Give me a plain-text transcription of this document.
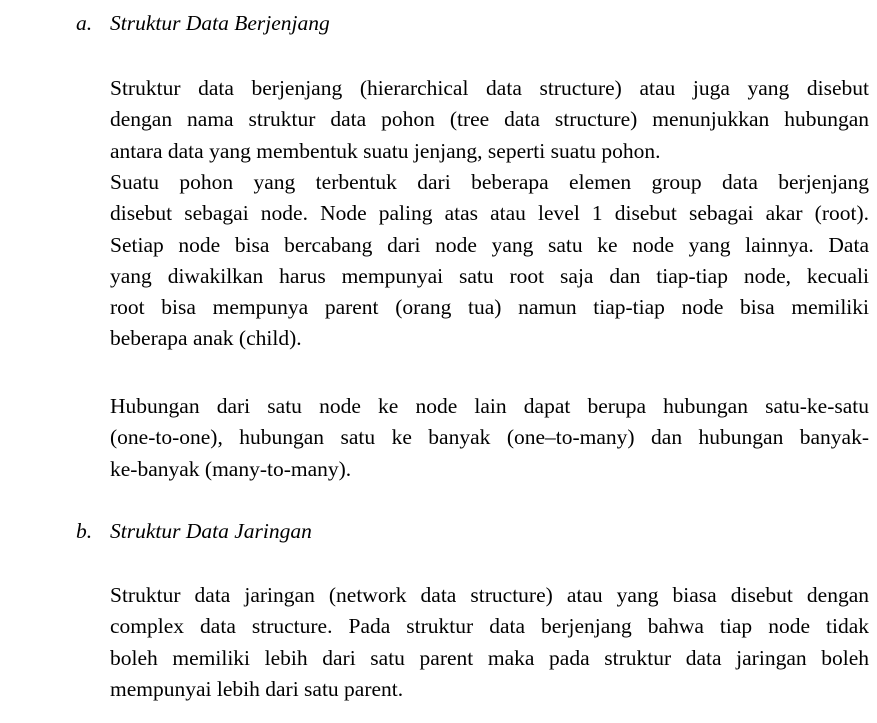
a. Struktur Data Berjenjang
Struktur data berjenjang (hierarchical data structure) atau juga yang disebut
dengan nama struktur data pohon (tree data structure) menunjukkan hubungan
antara data yang membentuk suatu jenjang, seperti suatu pohon.
Suatu pohon yang terbentuk dari beberapa elemen group data berjenjang
disebut sebagai node. Node paling atas atau level 1 disebut sebagai akar (root).
Setiap node bisa bercabang dari node yang satu ke node yang lainnya. Data
yang diwakilkan harus mempunyai satu root saja dan tiap-tiap node, kecuali
root bisa mempunya parent (orang tua) namun tiap-tiap node bisa memiliki
beberapa anak (child).
Hubungan dari satu node ke node lain dapat berupa hubungan satu-ke-satu
(one-to-one), hubungan satu ke banyak (one–to-many) dan hubungan banyak-
ke-banyak (many-to-many).
b. Struktur Data Jaringan
Struktur data jaringan (network data structure) atau yang biasa disebut dengan
complex data structure. Pada struktur data berjenjang bahwa tiap node tidak
boleh memiliki lebih dari satu parent maka pada struktur data jaringan boleh
mempunyai lebih dari satu parent.
